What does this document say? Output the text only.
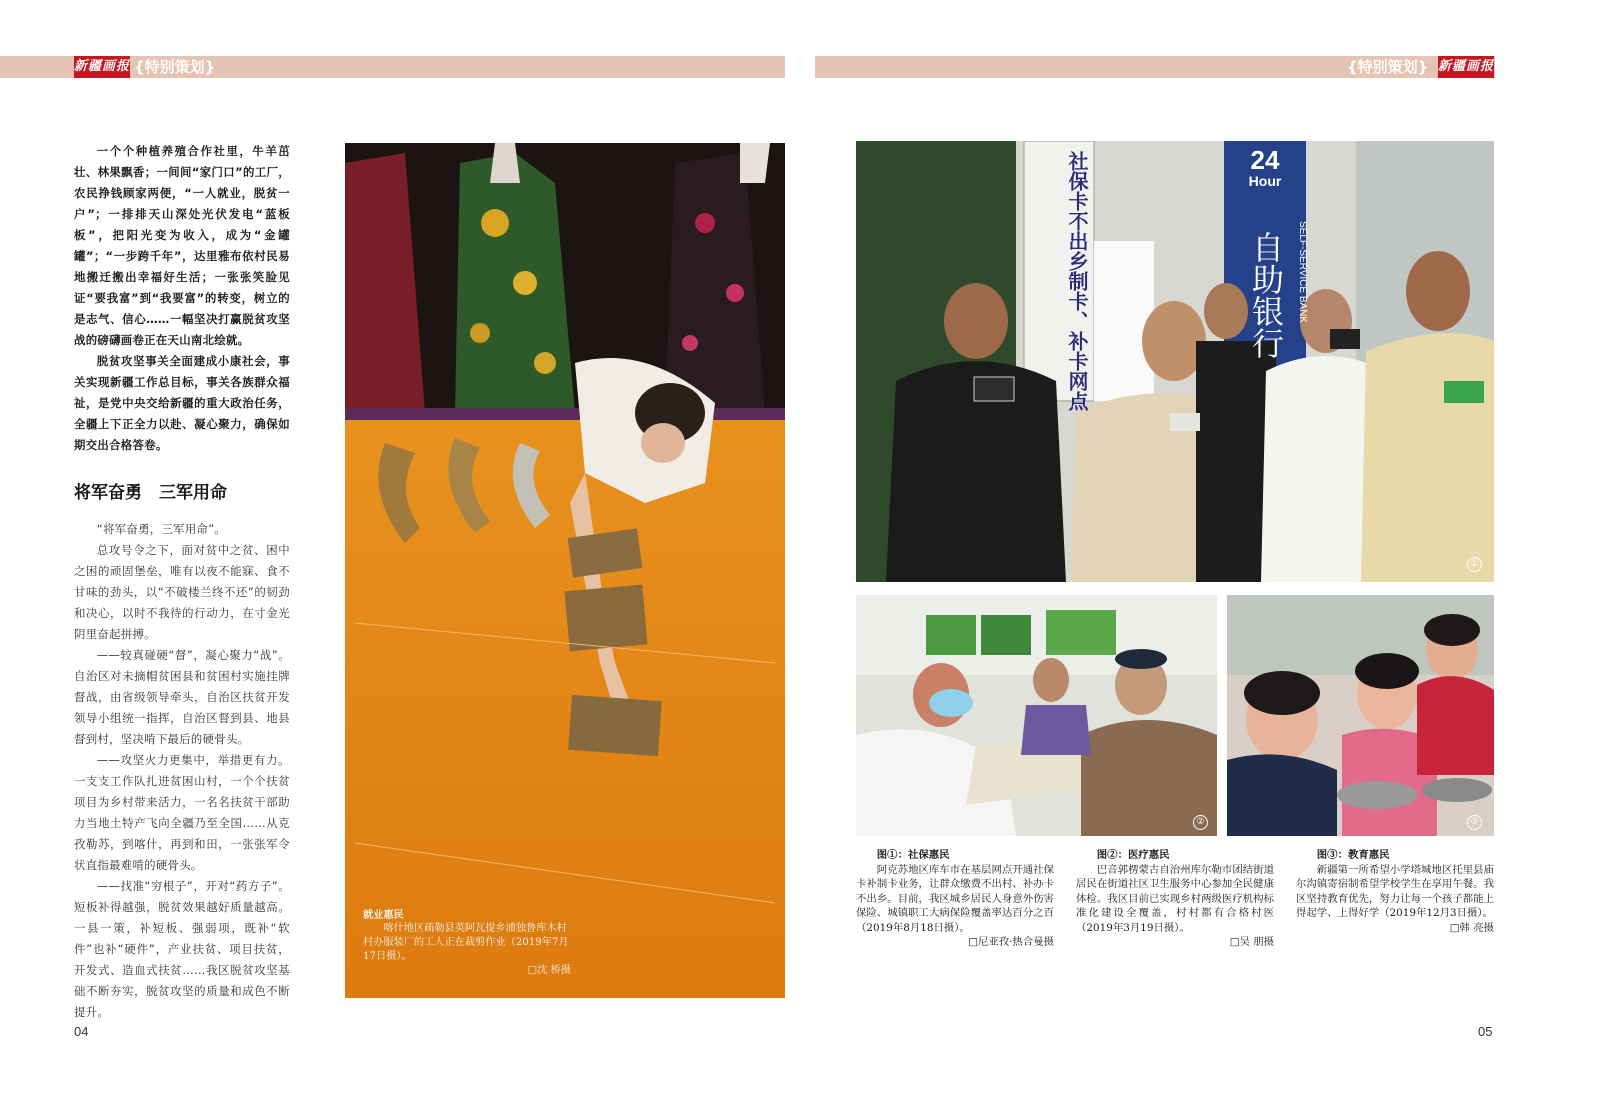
新疆画报 {特别策划}	{特别策划} 新疆画报

一个个种植养殖合作社里，牛羊茁壮、林果飘香；一间间“家门口”的工厂，农民挣钱顾家两便，“一人就业，脱贫一户”；一排排天山深处光伏发电“蓝板板”，把阳光变为收入，成为“金罐罐”；“一步跨千年”，达里雅布依村民易地搬迁搬出幸福好生活；一张张笑脸见证“要我富”到“我要富”的转变，树立的是志气、信心……一幅坚决打赢脱贫攻坚战的磅礴画卷正在天山南北绘就。

脱贫攻坚事关全面建成小康社会，事关实现新疆工作总目标，事关各族群众福祉，是党中央交给新疆的重大政治任务，全疆上下正全力以赴、凝心聚力，确保如期交出合格答卷。

将军奋勇　三军用命

“将军奋勇，三军用命”。

总攻号令之下，面对贫中之贫、困中之困的顽固堡垒，唯有以夜不能寐、食不甘味的劲头，以“不破楼兰终不还”的韧劲和决心，以时不我待的行动力，在寸金光阴里奋起拼搏。

——较真碰硬“督”，凝心聚力“战”。自治区对未摘帽贫困县和贫困村实施挂牌督战，由省级领导牵头，自治区扶贫开发领导小组统一指挥，自治区督到县、地县督到村，坚决啃下最后的硬骨头。

——攻坚火力更集中，举措更有力。一支支工作队扎进贫困山村，一个个扶贫项目为乡村带来活力，一名名扶贫干部助力当地土特产飞向全疆乃至全国……从克孜勒苏，到喀什，再到和田，一张张军令状直指最难啃的硬骨头。

——找准“穷根子”，开对“药方子”。短板补得越强，脱贫效果越好质量越高。一县一策，补短板、强弱项，既补“软件”也补“硬件”，产业扶贫、项目扶贫，开发式、造血式扶贫……我区脱贫攻坚基础不断夯实，脱贫攻坚的质量和成色不断提升。

就业惠民

喀什地区疏勒县英阿瓦提乡浦独鲁库木村村办服装厂的工人正在裁剪作业（2019年7月17日摄）。

□沈 桥摄
社保卡不出乡制卡、补卡网点	24
Hour
自助银行	SELF-SERVICE BANK
①
②	③
图①：社保惠民

阿克苏地区库车市在基层网点开通社保卡补制卡业务，让群众缴费不出村、补办卡不出乡。目前，我区城乡居民人身意外伤害保险、城镇职工大病保险覆盖率达百分之百（2019年8月18日摄）。

□尼亚孜·热合曼摄
图②：医疗惠民

巴音郭楞蒙古自治州库尔勒市团结街道居民在街道社区卫生服务中心参加全民健康体检。我区目前已实现乡村两级医疗机构标准化建设全覆盖，村村都有合格村医（2019年3月19日摄）。

□吴 朋摄
图③：教育惠民

新疆第一所希望小学塔城地区托里县庙尔沟镇寄宿制希望学校学生在享用午餐。我区坚持教育优先，努力让每一个孩子都能上得起学、上得好学（2019年12月3日摄）。

□韩 亮摄
04	05
